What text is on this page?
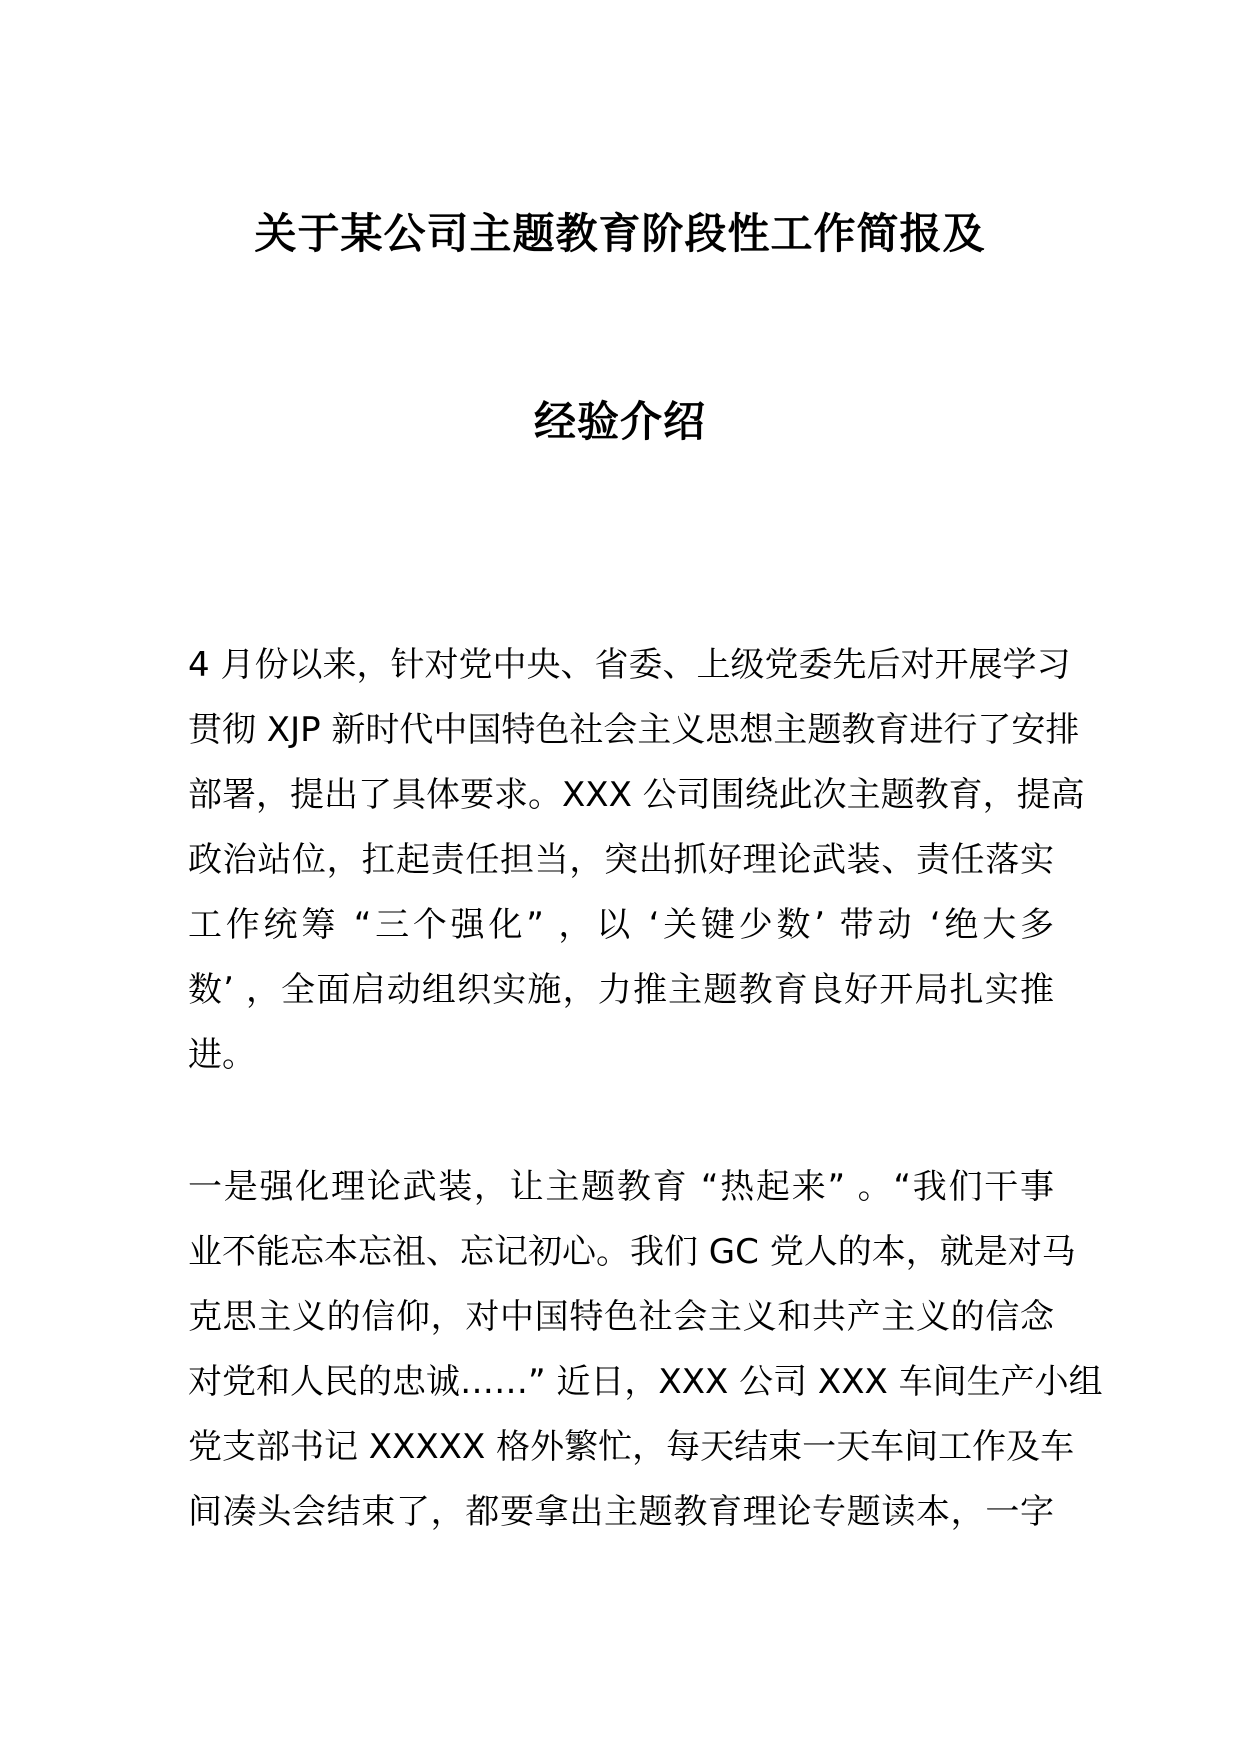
关于某公司主题教育阶段性工作简报及
经验介绍
4 月份以来，针对党中央、省委、上级党委先后对开展学习
贯彻 XJP 新时代中国特色社会主义思想主题教育进行了安排
部署，提出了具体要求。XXX 公司围绕此次主题教育，提高
政治站位，扛起责任担当，突出抓好理论武装、责任落实
工作统筹 “三个强化” ，以 ‘关键少数’ 带动 ‘绝大多
数’ ，全面启动组织实施，力推主题教育良好开局扎实推
进。
一是强化理论武装，让主题教育 “热起来” 。“我们干事
业不能忘本忘祖、忘记初心。我们 GC 党人的本，就是对马
克思主义的信仰，对中国特色社会主义和共产主义的信念
对党和人民的忠诚……” 近日，XXX 公司 XXX 车间生产小组
党支部书记 XXXXX 格外繁忙，每天结束一天车间工作及车
间凑头会结束了，都要拿出主题教育理论专题读本，一字
